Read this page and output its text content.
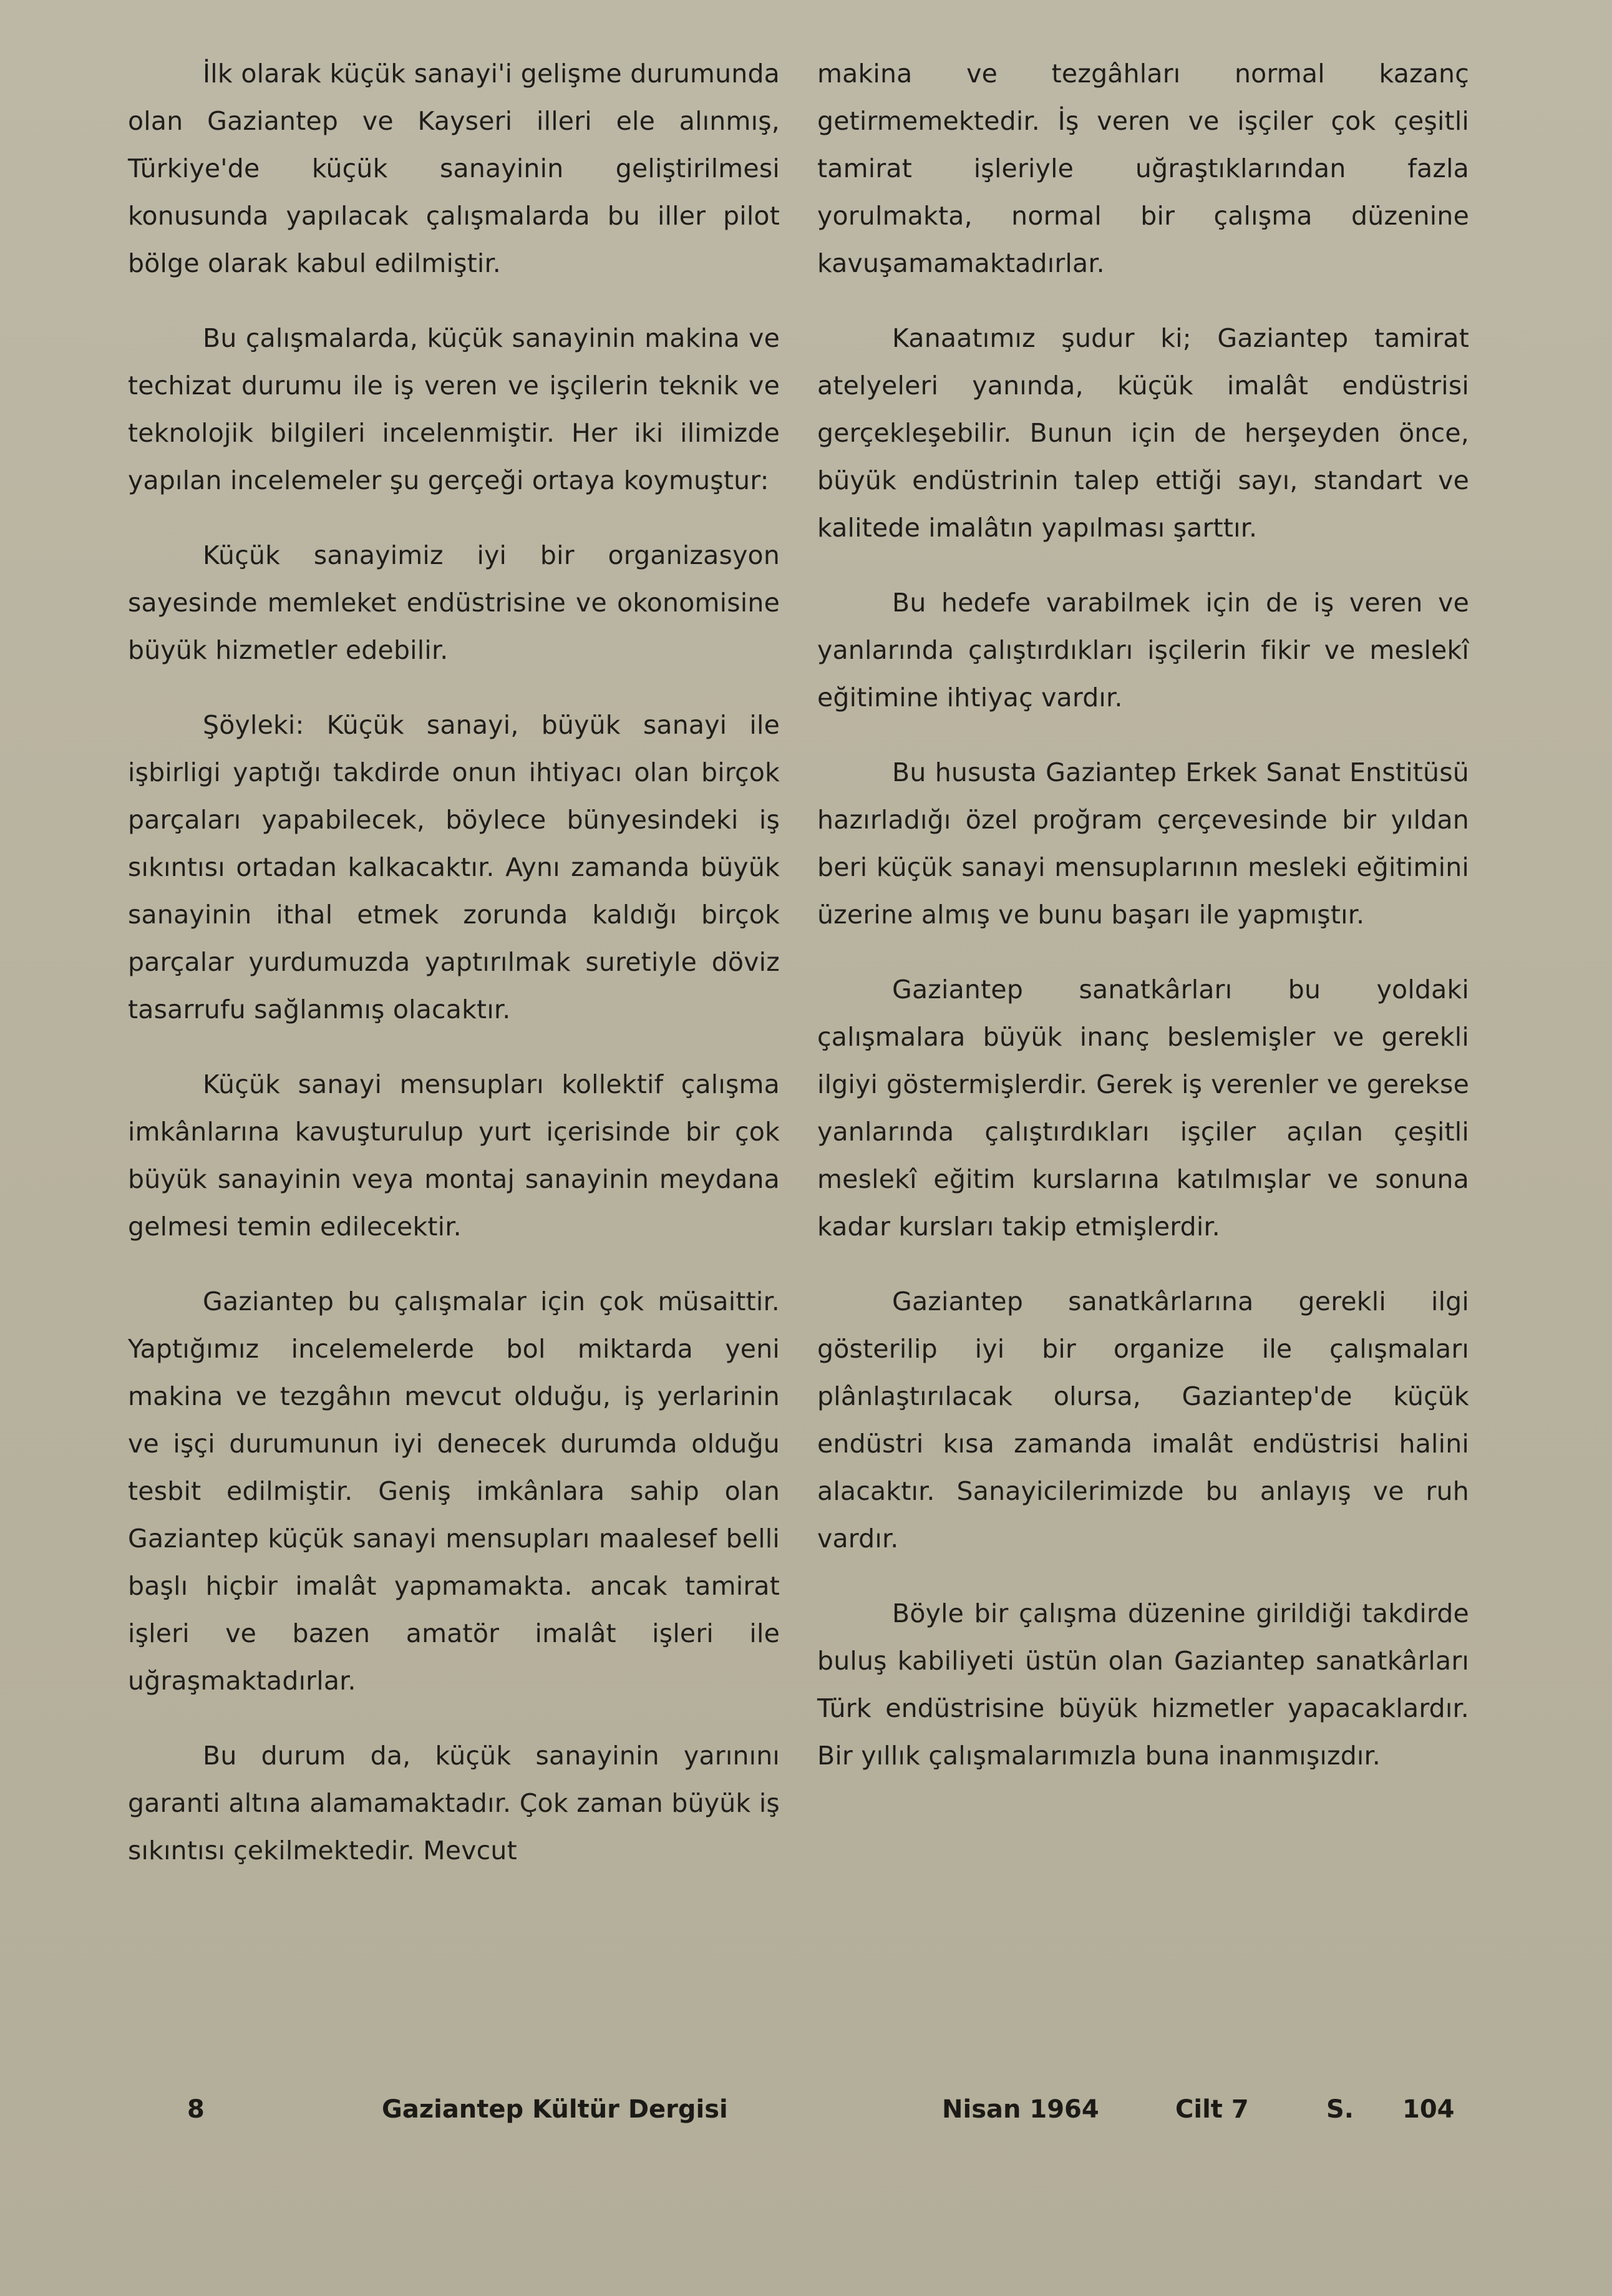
İlk olarak küçük sanayi'i gelişme durumunda olan Gaziantep ve Kayseri illeri ele alınmış, Türkiye'de küçük sanayinin geliştirilmesi konusunda yapılacak çalışmalarda bu iller pilot bölge olarak kabul edilmiştir.

Bu çalışmalarda, küçük sanayinin makina ve techizat durumu ile iş veren ve işçilerin teknik ve teknolojik bilgileri incelenmiştir. Her iki ilimizde yapılan incelemeler şu gerçeği ortaya koymuştur:

Küçük sanayimiz iyi bir organizasyon sayesinde memleket endüstrisine ve okonomisine büyük hizmetler edebilir.

Şöyleki: Küçük sanayi, büyük sanayi ile işbirligi yaptığı takdirde onun ihtiyacı olan birçok parçaları yapabilecek, böylece bünyesindeki iş sıkıntısı ortadan kalkacaktır. Aynı zamanda büyük sanayinin ithal etmek zorunda kaldığı birçok parçalar yurdumuzda yaptırılmak suretiyle döviz tasarrufu sağlanmış olacaktır.

Küçük sanayi mensupları kollektif çalışma imkânlarına kavuşturulup yurt içerisinde bir çok büyük sanayinin veya montaj sanayinin meydana gelmesi temin edilecektir.

Gaziantep bu çalışmalar için çok müsaittir. Yaptığımız incelemelerde bol miktarda yeni makina ve tezgâhın mevcut olduğu, iş yerlarinin ve işçi durumunun iyi denecek durumda olduğu tesbit edilmiştir. Geniş imkânlara sahip olan Gaziantep küçük sanayi mensupları maalesef belli başlı hiçbir imalât yapmamakta. ancak tamirat işleri ve bazen amatör imalât işleri ile uğraşmaktadırlar.

Bu durum da, küçük sanayinin yarınını garanti altına alamamaktadır. Çok zaman büyük iş sıkıntısı çekilmektedir. Mevcut

makina ve tezgâhları normal kazanç getirmemektedir. İş veren ve işçiler çok çeşitli tamirat işleriyle uğraştıklarından fazla yorulmakta, normal bir çalışma düzenine kavuşamamaktadırlar.

Kanaatımız şudur ki; Gaziantep tamirat atelyeleri yanında, küçük imalât endüstrisi gerçekleşebilir. Bunun için de herşeyden önce, büyük endüstrinin talep ettiği sayı, standart ve kalitede imalâtın yapılması şarttır.

Bu hedefe varabilmek için de iş veren ve yanlarında çalıştırdıkları işçilerin fikir ve meslekî eğitimine ihtiyaç vardır.

Bu hususta Gaziantep Erkek Sanat Enstitüsü hazırladığı özel proğram çerçevesinde bir yıldan beri küçük sanayi mensuplarının mesleki eğitimini üzerine almış ve bunu başarı ile yapmıştır.

Gaziantep sanatkârları bu yoldaki çalışmalara büyük inanç beslemişler ve gerekli ilgiyi göstermişlerdir. Gerek iş verenler ve gerekse yanlarında çalıştırdıkları işçiler açılan çeşitli meslekî eğitim kurslarına katılmışlar ve sonuna kadar kursları takip etmişlerdir.

Gaziantep sanatkârlarına gerekli ilgi gösterilip iyi bir organize ile çalışmaları plânlaştırılacak olursa, Gaziantep'de küçük endüstri kısa zamanda imalât endüstrisi halini alacaktır. Sanayicilerimizde bu anlayış ve ruh vardır.

Böyle bir çalışma düzenine girildiği takdirde buluş kabiliyeti üstün olan Gaziantep sanatkârları Türk endüstrisine büyük hizmetler yapacaklardır. Bir yıllık çalışmalarımızla buna inanmışızdır.

8	Gaziantep Kültür Dergisi	Nisan 1964	Cilt 7	S. 104
